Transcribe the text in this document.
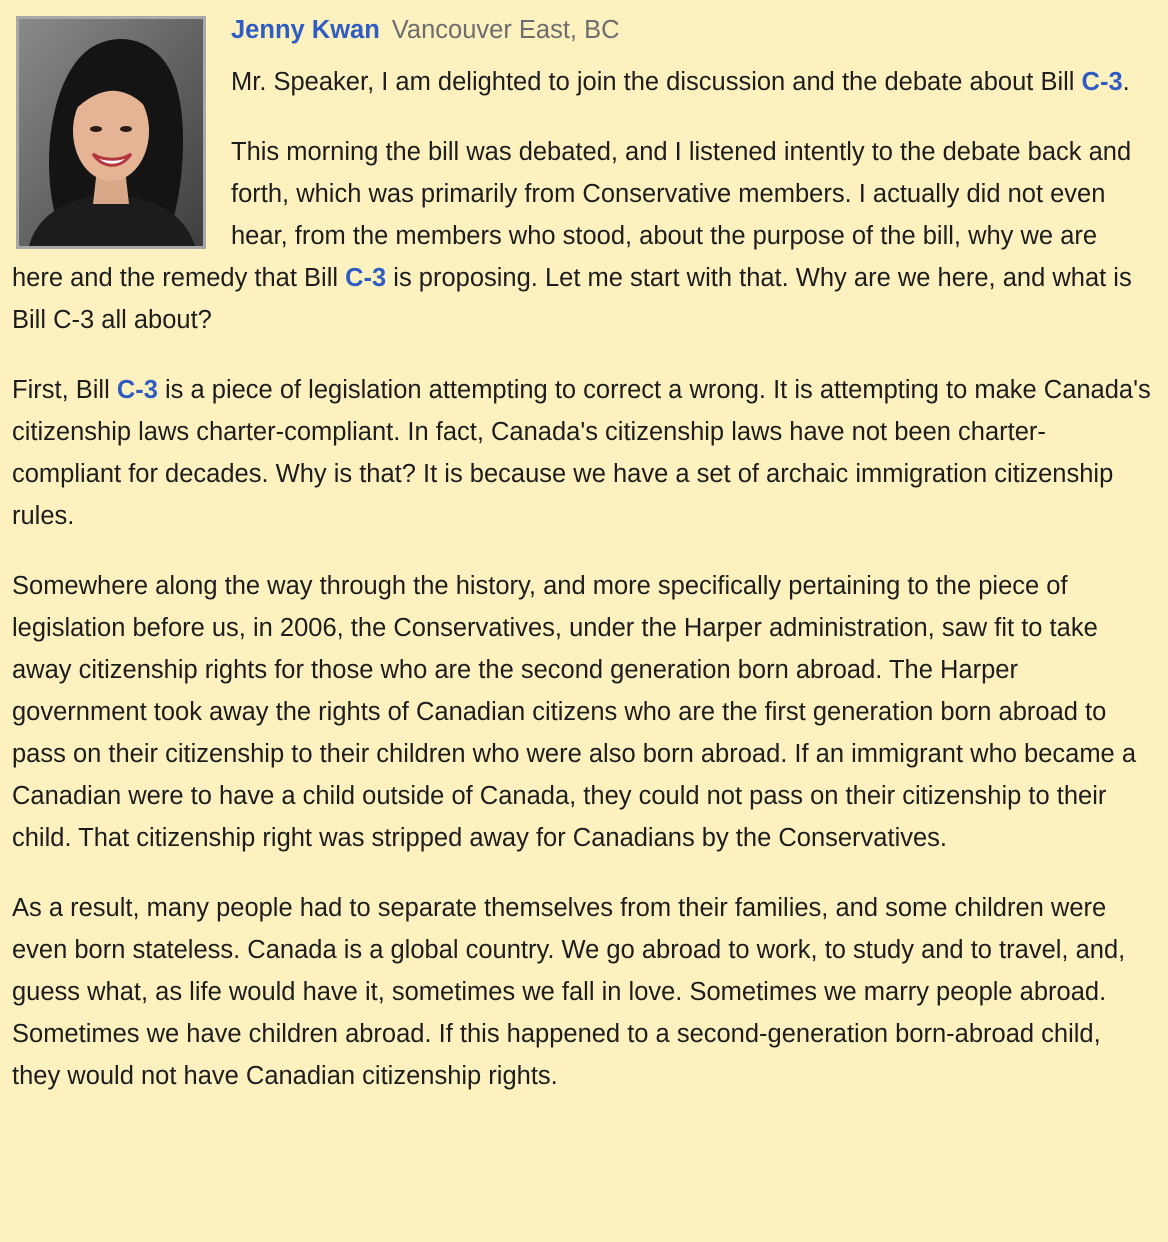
Jenny Kwan Vancouver East, BC

Mr. Speaker, I am delighted to join the discussion and the debate about Bill C-3.

This morning the bill was debated, and I listened intently to the debate back and forth, which was primarily from Conservative members. I actually did not even hear, from the members who stood, about the purpose of the bill, why we are here and the remedy that Bill C-3 is proposing. Let me start with that. Why are we here, and what is Bill C-3 all about?

First, Bill C-3 is a piece of legislation attempting to correct a wrong. It is attempting to make Canada's citizenship laws charter-compliant. In fact, Canada's citizenship laws have not been charter-compliant for decades. Why is that? It is because we have a set of archaic immigration citizenship rules.

Somewhere along the way through the history, and more specifically pertaining to the piece of legislation before us, in 2006, the Conservatives, under the Harper administration, saw fit to take away citizenship rights for those who are the second generation born abroad. The Harper government took away the rights of Canadian citizens who are the first generation born abroad to pass on their citizenship to their children who were also born abroad. If an immigrant who became a Canadian were to have a child outside of Canada, they could not pass on their citizenship to their child. That citizenship right was stripped away for Canadians by the Conservatives.

As a result, many people had to separate themselves from their families, and some children were even born stateless. Canada is a global country. We go abroad to work, to study and to travel, and, guess what, as life would have it, sometimes we fall in love. Sometimes we marry people abroad. Sometimes we have children abroad. If this happened to a second-generation born-abroad child, they would not have Canadian citizenship rights.
